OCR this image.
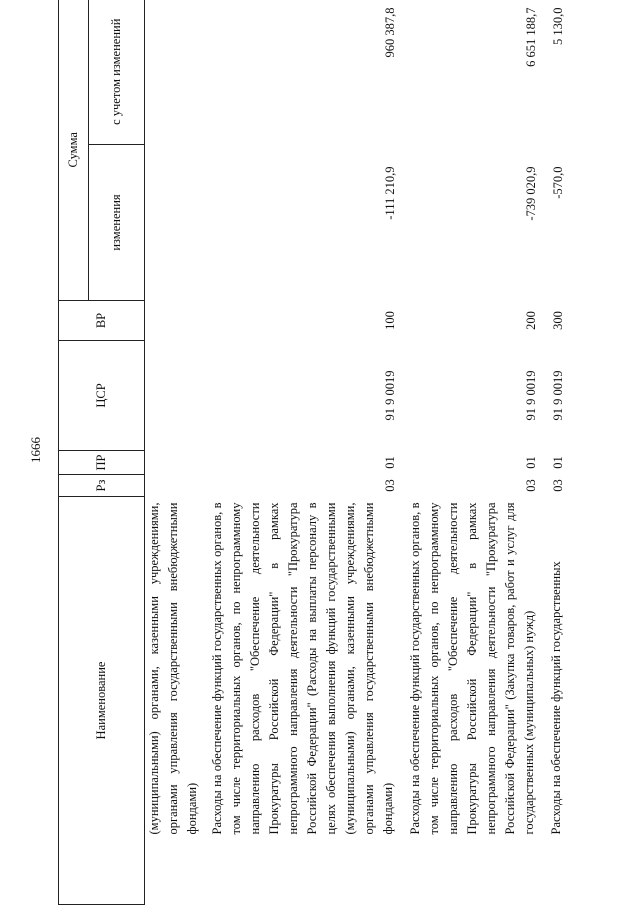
1666
Наименование	Рз	ПР	ЦСР	ВР	Сумма	
					изменения	с учетом изменений
(муниципальными) органами, казенными учреждениями, органами управления государственными внебюджетными фондами)						
Расходы на обеспечение функций государственных органов, в том числе территориальных органов, по непрограммному направлению расходов "Обеспечение деятельности Прокуратуры Российской Федерации" в рамках непрограммного направления деятельности "Прокуратура Российской Федерации" (Расходы на выплаты персоналу в целях обеспечения выполнения функций государственными (муниципальными) органами, казенными учреждениями, органами управления государственными внебюджетными фондами)	03	01	91 9 0019	100	-111 210,9	960 387,8
Расходы на обеспечение функций государственных органов, в том числе территориальных органов, по непрограммному направлению расходов "Обеспечение деятельности Прокуратуры Российской Федерации" в рамках непрограммного направления деятельности "Прокуратура Российской Федерации" (Закупка товаров, работ и услуг для государственных (муниципальных) нужд)	03	01	91 9 0019	200	-739 020,9	6 651 188,7
Расходы на обеспечение функций государственных	03	01	91 9 0019	300	-570,0	5 130,0
